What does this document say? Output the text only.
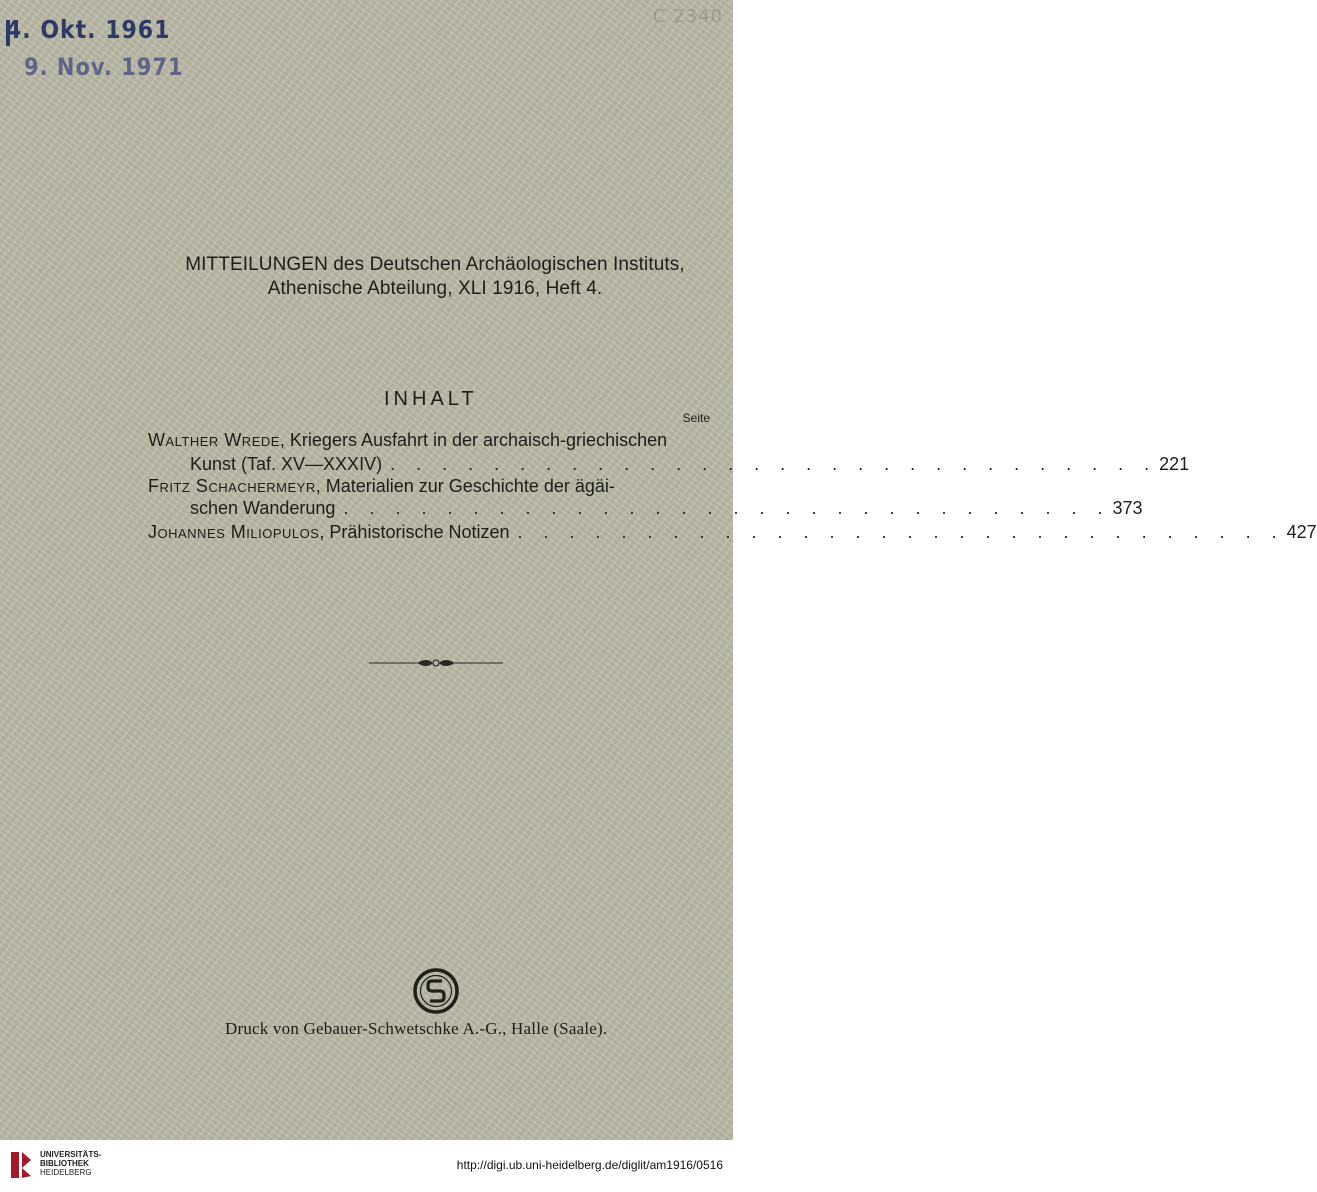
4. Okt. 1961
9. Nov. 1971
C 2340
MITTEILUNGEN des Deutschen Archäologischen Instituts,
Athenische Abteilung, XLI 1916, Heft 4.
INHALT
Seite
Walther Wrede, Kriegers Ausfahrt in der archaisch-griechischen
Kunst (Taf. XV—XXXIV) . . . . . . . . . . . . . . . . . . . . . . . . . . . . . . 221
Fritz Schachermeyr, Materialien zur Geschichte der ägäi-
schen Wanderung . . . . . . . . . . . . . . . . . . . . . . . . . . . . . . 373
Johannes Miliopulos , Prähistorische Notizen . . . . . . . . . . . . . . . . . . . . . . . . . . . . . . 427
Druck von Gebauer-Schwetschke A.-G., Halle (Saale).
UNIVERSITÄTS-
BIBLIOTHEK
HEIDELBERG
http://digi.ub.uni-heidelberg.de/diglit/am1916/0516
